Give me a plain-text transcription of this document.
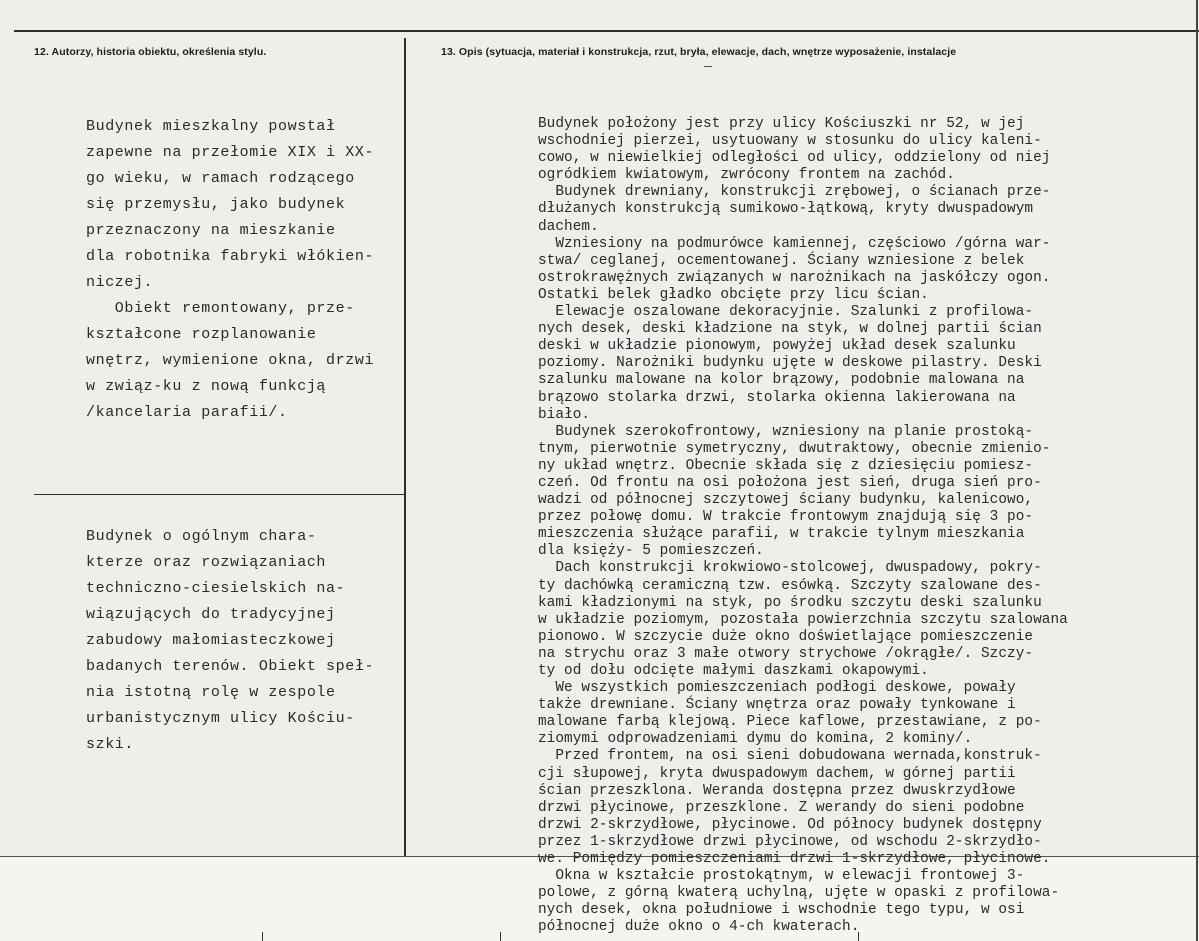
12. Autorzy, historia obiektu, określenia stylu.	13. Opis (sytuacja, materiał i konstrukcja, rzut, bryła, elewacje, dach, wnętrze wyposażenie, instalacje
Budynek mieszkalny powstał
zapewne na przełomie XIX i XX-
go wieku, w ramach rodzącego
się przemysłu, jako budynek
przeznaczony na mieszkanie
dla robotnika fabryki włókien-
niczej.
Obiekt remontowany, prze-
kształcone rozplanowanie
wnętrz, wymienione okna, drzwi
w związ-ku z nową funkcją
/kancelaria parafii/.
Budynek o ogólnym chara-
kterze oraz rozwiązaniach
techniczno-ciesielskich na-
wiązujących do tradycyjnej
zabudowy małomiasteczkowej
badanych terenów. Obiekt speł-
nia istotną rolę w zespole
urbanistycznym ulicy Kościu-
szki.
Budynek położony jest przy ulicy Kościuszki nr 52, w jej
wschodniej pierzei, usytuowany w stosunku do ulicy kaleni-
cowo, w niewielkiej odległości od ulicy, oddzielony od niej
ogródkiem kwiatowym, zwrócony frontem na zachód.
Budynek drewniany, konstrukcji zrębowej, o ścianach prze-
dłużanych konstrukcją sumikowo-łątkową, kryty dwuspadowym
dachem.
Wzniesiony na podmurówce kamiennej, częściowo /górna war-
stwa/ ceglanej, ocementowanej. Ściany wzniesione z belek
ostrokrawężnych związanych w narożnikach na jaskółczy ogon.
Ostatki belek gładko obcięte przy licu ścian.
Elewacje oszalowane dekoracyjnie. Szalunki z profilowa-
nych desek, deski kładzione na styk, w dolnej partii ścian
deski w układzie pionowym, powyżej układ desek szalunku
poziomy. Narożniki budynku ujęte w deskowe pilastry. Deski
szalunku malowane na kolor brązowy, podobnie malowana na
brązowo stolarka drzwi, stolarka okienna lakierowana na
biało.
Budynek szerokofrontowy, wzniesiony na planie prostoką-
tnym, pierwotnie symetryczny, dwutraktowy, obecnie zmienio-
ny układ wnętrz. Obecnie składa się z dziesięciu pomiesz-
czeń. Od frontu na osi położona jest sień, druga sień pro-
wadzi od północnej szczytowej ściany budynku, kalenicowo,
przez połowę domu. W trakcie frontowym znajdują się 3 po-
mieszczenia służące parafii, w trakcie tylnym mieszkania
dla księży- 5 pomieszczeń.
Dach konstrukcji krokwiowo-stolcowej, dwuspadowy, pokry-
ty dachówką ceramiczną tzw. esówką. Szczyty szalowane des-
kami kładzionymi na styk, po środku szczytu deski szalunku
w układzie poziomym, pozostała powierzchnia szczytu szalowana
pionowo. W szczycie duże okno doświetlające pomieszczenie
na strychu oraz 3 małe otwory strychowe /okrągłe/. Szczy-
ty od dołu odcięte małymi daszkami okapowymi.
We wszystkich pomieszczeniach podłogi deskowe, powały
także drewniane. Ściany wnętrza oraz powały tynkowane i
malowane farbą klejową. Piece kaflowe, przestawiane, z po-
ziomymi odprowadzeniami dymu do komina, 2 kominy/.
Przed frontem, na osi sieni dobudowana wernada,konstruk-
cji słupowej, kryta dwuspadowym dachem, w górnej partii
ścian przeszklona. Weranda dostępna przez dwuskrzydłowe
drzwi płycinowe, przeszklone. Z werandy do sieni podobne
drzwi 2-skrzydłowe, płycinowe. Od północy budynek dostępny
przez 1-skrzydłowe drzwi płycinowe, od wschodu 2-skrzydło-
we. Pomiędzy pomieszczeniami drzwi 1-skrzydłowe, płycinowe.
Okna w kształcie prostokątnym, w elewacji frontowej 3-
polowe, z górną kwaterą uchylną, ujęte w opaski z profilowa-
nych desek, okna południowe i wschodnie tego typu, w osi
północnej duże okno o 4-ch kwaterach.
